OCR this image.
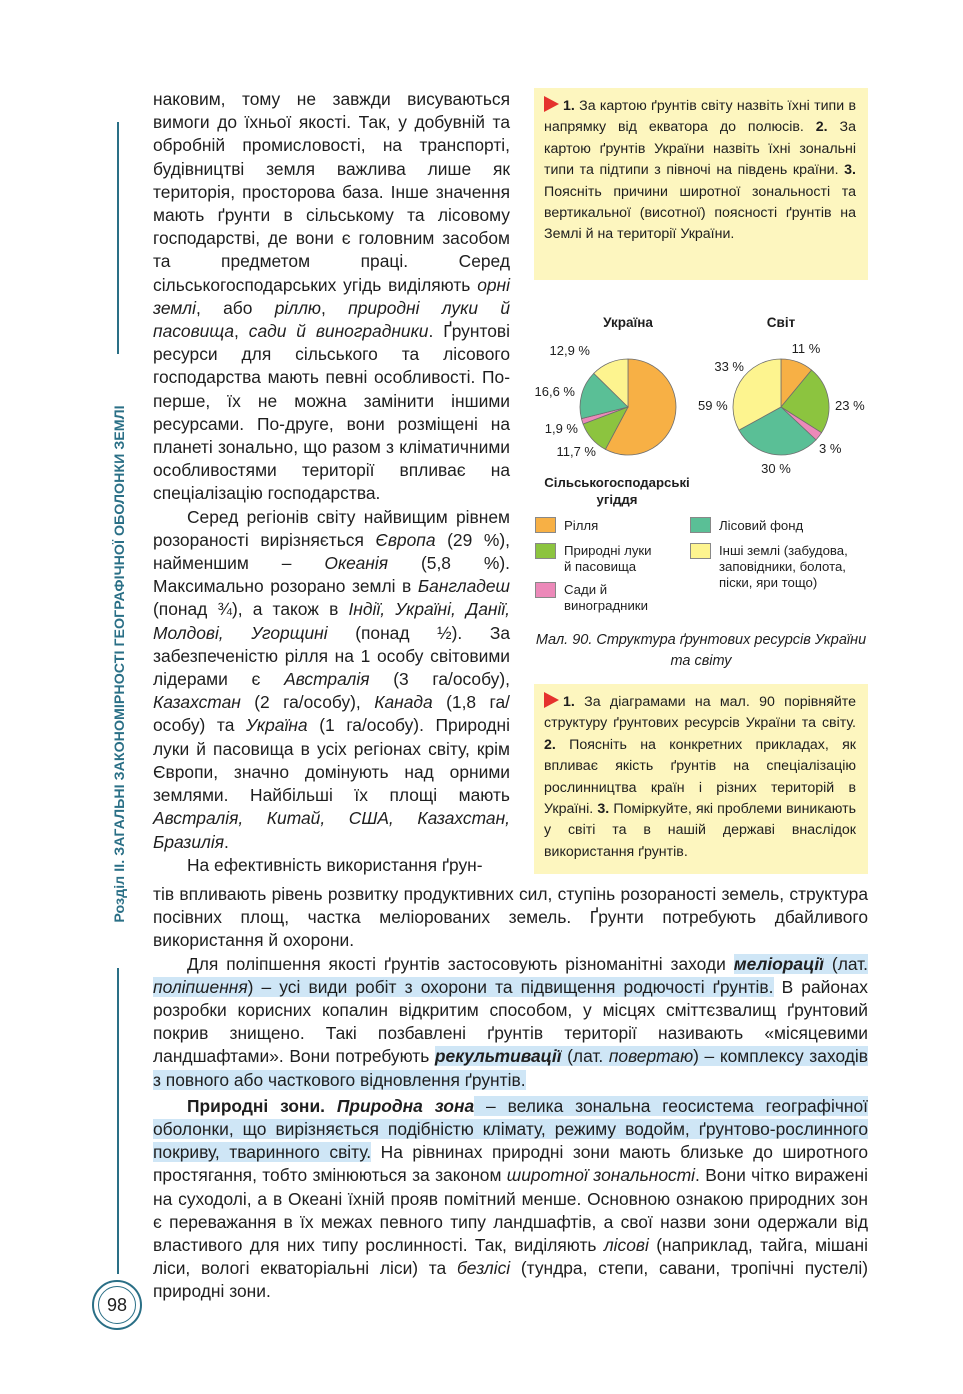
Розділ ІІ. ЗАГАЛЬНІ ЗАКОНОМІРНОСТІ ГЕОГРАФІЧНОЇ ОБОЛОНКИ ЗЕМЛІ
98

наковим, тому не завжди висуваються вимоги до їхньої якості. Так, у добувній та обробній промисловості, на транспорті, будівництві земля важлива лише як територія, просторова база. Інше значення мають ґрунти в сільському та лісовому господарстві, де вони є головним засобом та предметом праці. Серед сільськогосподарських угідь виділяють орні землі, або ріллю, природні луки й пасовища, сади й виноградники. Ґрунтові ресурси для сільського та лісового господарства мають певні особливості. По-перше, їх не можна замінити іншими ресурсами. По-друге, вони розміщені на планеті зонально, що разом з кліматичними особливостями території впливає на спеціалізацію господарства.

Серед регіонів світу найвищим рівнем розораності вирізняється Європа (29 %), найменшим – Океанія (5,8 %). Максимально розорано землі в Бангладеш (понад ¾), а також в Індії, Україні, Данії, Молдові, Угорщині (понад ½). За забезпеченістю рілля на 1 особу світовими лідерами є Австралія (3 га/особу), Казахстан (2 га/особу), Канада (1,8 га/особу) та Україна (1 га/особу). Природні луки й пасовища в усіх регіонах світу, крім Європи, значно домінують над орними землями. Найбільші їх площі мають Австралія, Китай, США, Казахстан, Бразилія.

На ефективність використання ґрун-

тів впливають рівень розвитку продуктивних сил, ступінь розораності земель, структура посівних площ, частка меліорованих земель. Ґрунти потребують дбайливого використання й охорони.

Для поліпшення якості ґрунтів застосовують різноманітні заходи меліорації (лат. поліпшення) – усі види робіт з охорони та підвищення родючості ґрунтів. В районах розробки корисних копалин відкритим способом, у місцях сміттєзвалищ ґрунтовий покрив знищено. Такі позбавлені ґрунтів території називають «місяцевими ландшафтами». Вони потребують рекультивації (лат. повертаю) – комплексу заходів з повного або часткового відновлення ґрунтів.

Природні зони. Природна зона – велика зональна геосистема географічної оболонки, що вирізняється подібністю клімату, режиму водойм, ґрунтово-рослинного покриву, тваринного світу. На рівнинах природні зони мають близьке до широтного простягання, тобто змінюються за законом широтної зональності. Вони чітко виражені на суходолі, а в Океані їхній прояв помітний менше. Основною ознакою природних зон є переважання в їх межах певного типу ландшафтів, а свої назви зони одержали від властивого для них типу рослинності. Так, виділяють лісові (наприклад, тайга, мішані ліси, вологі екваторіальні ліси) та безлісі (тундра, степи, савани, тропічні пустелі) природні зони.

1. За картою ґрунтів світу назвіть їхні типи в напрямку від екватора до полюсів. 2. За картою ґрунтів України назвіть їхні зональні типи та підтипи з півночі на південь країни. 3. Поясніть причини широтної зональності та вертикальної (висотної) поясності ґрунтів на Землі й на території України.
Україна
59 %
11,7 %
1,9 %
16,6 %
12,9 %
Світ
11 %
23 %
3 %
30 %
33 %
Сільськогосподарські угіддя
Рілля
Природні луки
й пасовища
Сади й
виноградники
Лісовий фонд
Інші землі (забудова,
заповідники, болота,
піски, яри тощо)
Мал. 90. Структура ґрунтових ресурсів України та світу
1. За діаграмами на мал. 90 порівняйте структуру ґрунтових ресурсів України та світу. 2. Поясніть на конкретних прикладах, як впливає якість ґрунтів на спеціалізацію рослинництва країн і різних територій в Україні. 3. Поміркуйте, які проблеми виникають у світі та в нашій державі внаслідок використання ґрунтів.
